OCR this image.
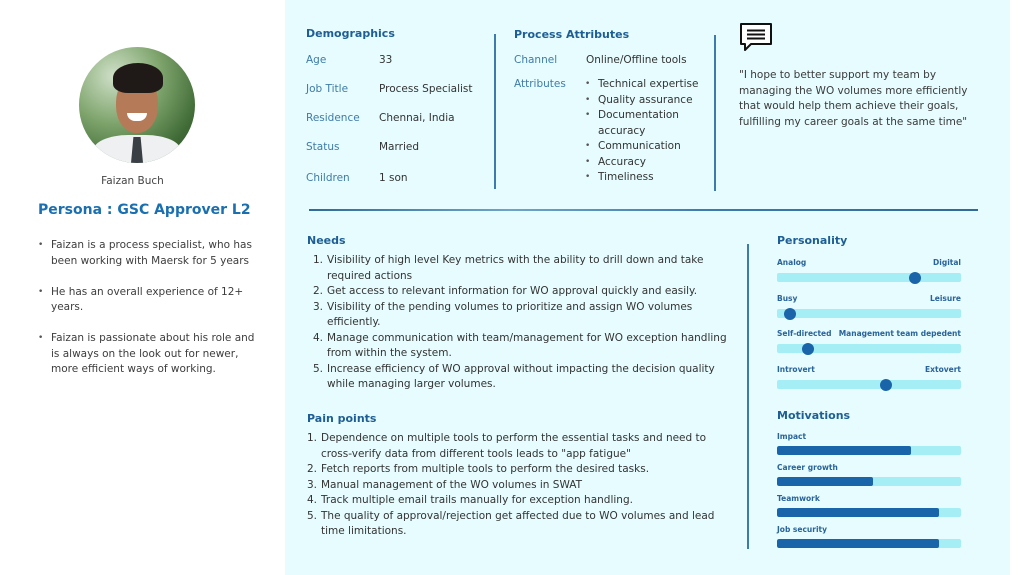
Faizan Buch
Persona : GSC Approver L2
• Faizan is a process specialist, who has been working with Maersk for 5 years
• He has an overall experience of 12+ years.
• Faizan is passionate about his role and is always on the look out for newer, more efficient ways of working.
Demographics
Age	33
Job Title	Process Specialist
Residence Chennai, India
Status	Married
Children	1 son
Process Attributes
Channel	Online/Offline tools
Attributes	• Technical expertise
• Quality assurance
• Documentation accuracy
• Communication
• Accuracy
• Timeliness
"I hope to better support my team by managing the WO volumes more efficiently that would help them achieve their goals, fulfilling my career goals at the same time"
Needs
1. Visibility of high level Key metrics with the ability to drill down and take required actions
2. Get access to relevant information for WO approval quickly and easily.
3. Visibility of the pending volumes to prioritize and assign WO volumes efficiently.
4. Manage communication with team/management for WO exception handling from within the system.
5. Increase efficiency of WO approval without impacting the decision quality while managing larger volumes.
Pain points
1. Dependence on multiple tools to perform the essential tasks and need to cross-verify data from different tools leads to "app fatigue"
2. Fetch reports from multiple tools to perform the desired tasks.
3. Manual management of the WO volumes in SWAT
4. Track multiple email trails manually for exception handling.
5. The quality of approval/rejection get affected due to WO volumes and lead time limitations.
Personality
Analog	Digital
Busy	Leisure
Self-directed Management team depedent
Introvert	Extovert
Motivations
Impact
Career growth
Teamwork
Job security
